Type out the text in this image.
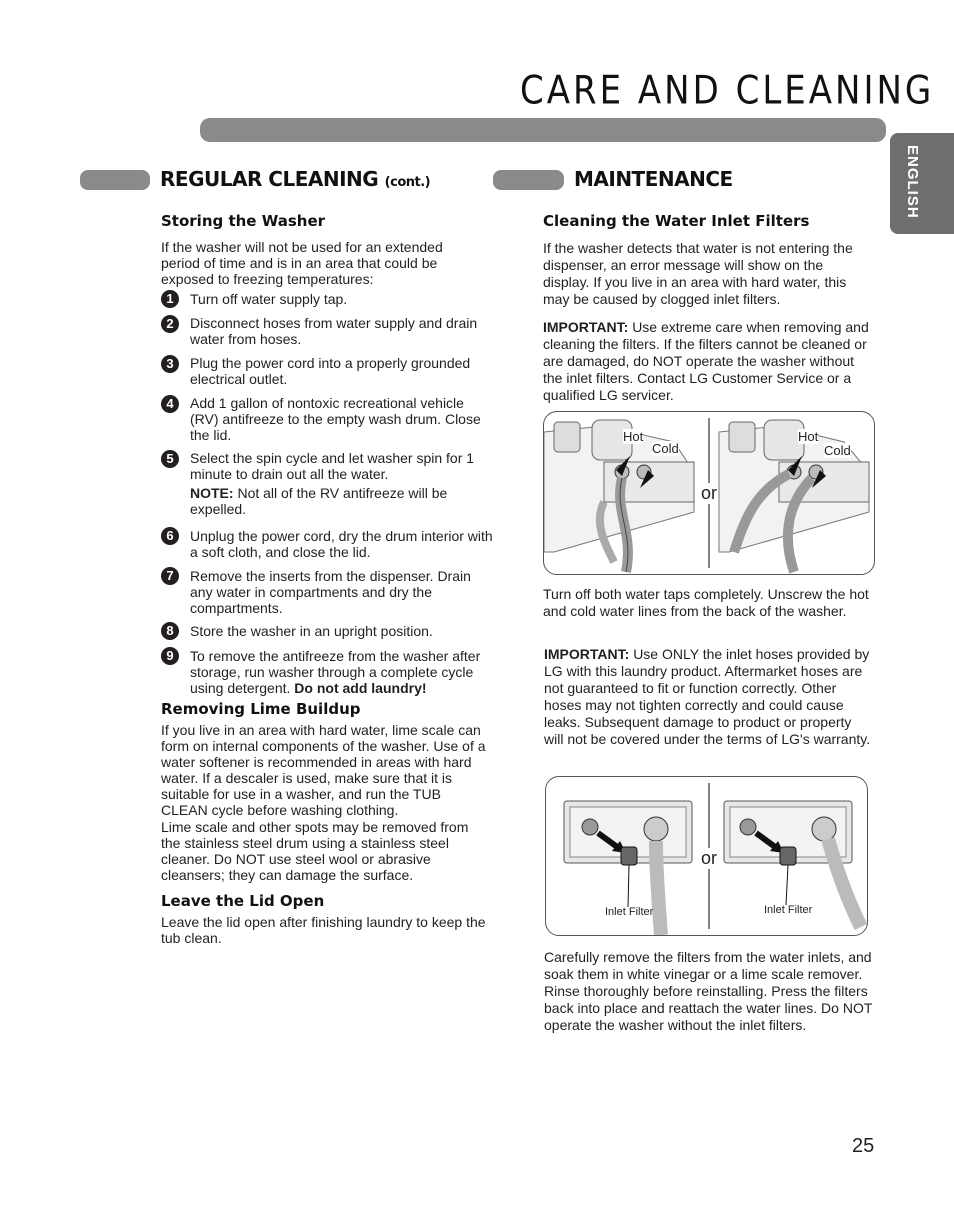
CARE AND CLEANING
ENGLISH
REGULAR CLEANING (cont.)
Storing the Washer

If the washer will not be used for an extended period of time and is in an area that could be exposed to freezing temperatures:

1	Turn off water supply tap.

2	Disconnect hoses from water supply and drain water from hoses.

3	Plug the power cord into a properly grounded electrical outlet.

4	Add 1 gallon of nontoxic recreational vehicle (RV) antifreeze to the empty wash drum. Close the lid.

5	Select the spin cycle and let washer spin for 1 minute to drain out all the water.

NOTE: Not all of the RV antifreeze will be expelled.

6	Unplug the power cord, dry the drum interior with a soft cloth, and close the lid.

7	Remove the inserts from the dispenser. Drain any water in compartments and dry the compartments.

8	Store the washer in an upright position.

9	To remove the antifreeze from the washer after storage, run washer through a complete cycle using detergent. Do not add laundry!

Removing Lime Buildup

If you live in an area with hard water, lime scale can form on internal components of the washer. Use of a water softener is recommended in areas with hard water. If a descaler is used, make sure that it is suitable for use in a washer, and run the TUB CLEAN cycle before washing clothing.

Lime scale and other spots may be removed from the stainless steel drum using a stainless steel cleaner. Do NOT use steel wool or abrasive cleansers; they can damage the surface.

Leave the Lid Open

Leave the lid open after finishing laundry to keep the tub clean.

MAINTENANCE
Cleaning the Water Inlet Filters

If the washer detects that water is not entering the dispenser, an error message will show on the display. If you live in an area with hard water, this may be caused by clogged inlet filters.

IMPORTANT: Use extreme care when removing and cleaning the filters. If the filters cannot be cleaned or are damaged, do NOT operate the washer without the inlet filters. Contact LG Customer Service or a qualified LG servicer.

Hot
Cold
Hot
Cold
or

Turn off both water taps completely. Unscrew the hot and cold water lines from the back of the washer.

IMPORTANT: Use ONLY the inlet hoses provided by LG with this laundry product. Aftermarket hoses are not guaranteed to fit or function correctly. Other hoses may not tighten correctly and could cause leaks. Subsequent damage to product or property will not be covered under the terms of LG's warranty.

Inlet Filter	Inlet Filter
or

Carefully remove the filters from the water inlets, and soak them in white vinegar or a lime scale remover. Rinse thoroughly before reinstalling. Press the filters back into place and reattach the water lines. Do NOT operate the washer without the inlet filters.

25
